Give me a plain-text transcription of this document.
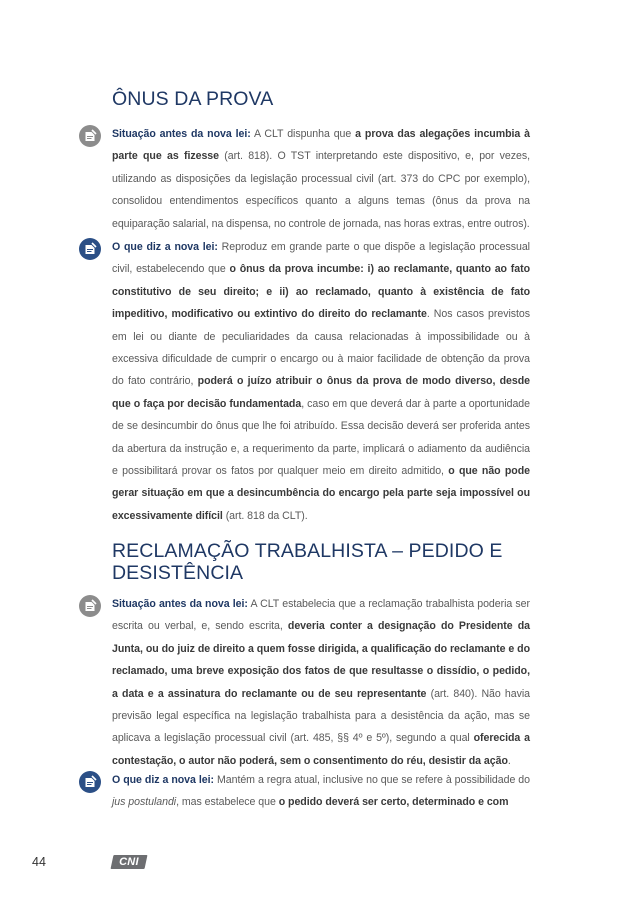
ÔNUS DA PROVA

Situação antes da nova lei: A CLT dispunha que a prova das alegações incumbia à parte que as fizesse (art. 818). O TST interpretando este dispositivo, e, por vezes, utilizando as disposições da legislação processual civil (art. 373 do CPC por exemplo), consolidou entendimentos específicos quanto a alguns temas (ônus da prova na equiparação salarial, na dispensa, no controle de jornada, nas horas extras, entre outros).

O que diz a nova lei: Reproduz em grande parte o que dispõe a legislação processual civil, estabelecendo que o ônus da prova incumbe: i) ao reclamante, quanto ao fato constitutivo de seu direito; e ii) ao reclamado, quanto à existência de fato impeditivo, modificativo ou extintivo do direito do reclamante. Nos casos previstos em lei ou diante de peculiaridades da causa relacionadas à impossibilidade ou à excessiva dificuldade de cumprir o encargo ou à maior facilidade de obtenção da prova do fato contrário, poderá o juízo atribuir o ônus da prova de modo diverso, desde que o faça por decisão fundamentada, caso em que deverá dar à parte a oportunidade de se desincumbir do ônus que lhe foi atribuído. Essa decisão deverá ser proferida antes da abertura da instrução e, a requerimento da parte, implicará o adiamento da audiência e possibilitará provar os fatos por qualquer meio em direito admitido, o que não pode gerar situação em que a desincumbência do encargo pela parte seja impossível ou excessivamente difícil (art. 818 da CLT).

RECLAMAÇÃO TRABALHISTA – PEDIDO E DESISTÊNCIA

Situação antes da nova lei: A CLT estabelecia que a reclamação trabalhista poderia ser escrita ou verbal, e, sendo escrita, deveria conter a designação do Presidente da Junta, ou do juiz de direito a quem fosse dirigida, a qualificação do reclamante e do reclamado, uma breve exposição dos fatos de que resultasse o dissídio, o pedido, a data e a assinatura do reclamante ou de seu representante (art. 840). Não havia previsão legal específica na legislação trabalhista para a desistência da ação, mas se aplicava a legislação processual civil (art. 485, §§ 4º e 5º), segundo a qual oferecida a contestação, o autor não poderá, sem o consentimento do réu, desistir da ação.

O que diz a nova lei: Mantém a regra atual, inclusive no que se refere à possibilidade do jus postulandi, mas estabelece que o pedido deverá ser certo, determinado e com

44	CNI
